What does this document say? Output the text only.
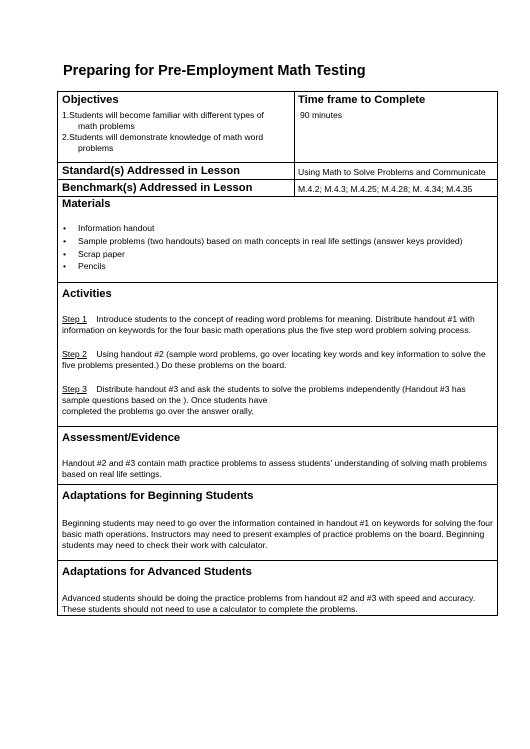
Preparing for Pre-Employment Math Testing
Objectives
1.Students will become familiar with different types of
math problems
2.Students will demonstrate knowledge of math word
problems
Time frame to Complete
90 minutes
Standard(s) Addressed in Lesson	Using Math to Solve Problems and Communicate
Benchmark(s) Addressed in Lesson	M.4.2; M.4.3; M.4.25; M.4.28; M. 4.34; M.4.35
Materials
• Information handout
• Sample problems (two handouts) based on math concepts in real life settings (answer keys provided)
• Scrap paper
• Pencils
Activities
Step 1 Introduce students to the concept of reading word problems for meaning. Distribute handout #1 with
information on keywords for the four basic math operations plus the five step word problem solving process.
Step 2 Using handout #2 (sample word problems, go over locating key words and key information to solve the
five problems presented.) Do these problems on the board.
Step 3 Distribute handout #3 and ask the students to solve the problems independently (Handout #3 has
sample questions based on the ). Once students have
completed the problems go over the answer orally.
Assessment/Evidence
Handout #2 and #3 contain math practice problems to assess students' understanding of solving math problems
based on real life settings.
Adaptations for Beginning Students
Beginning students may need to go over the information contained in handout #1 on keywords for solving the four
basic math operations. Instructors may need to present examples of practice problems on the board. Beginning
students may need to check their work with calculator.
Adaptations for Advanced Students
Advanced students should be doing the practice problems from handout #2 and #3 with speed and accuracy.
These students should not need to use a calculator to complete the problems.
